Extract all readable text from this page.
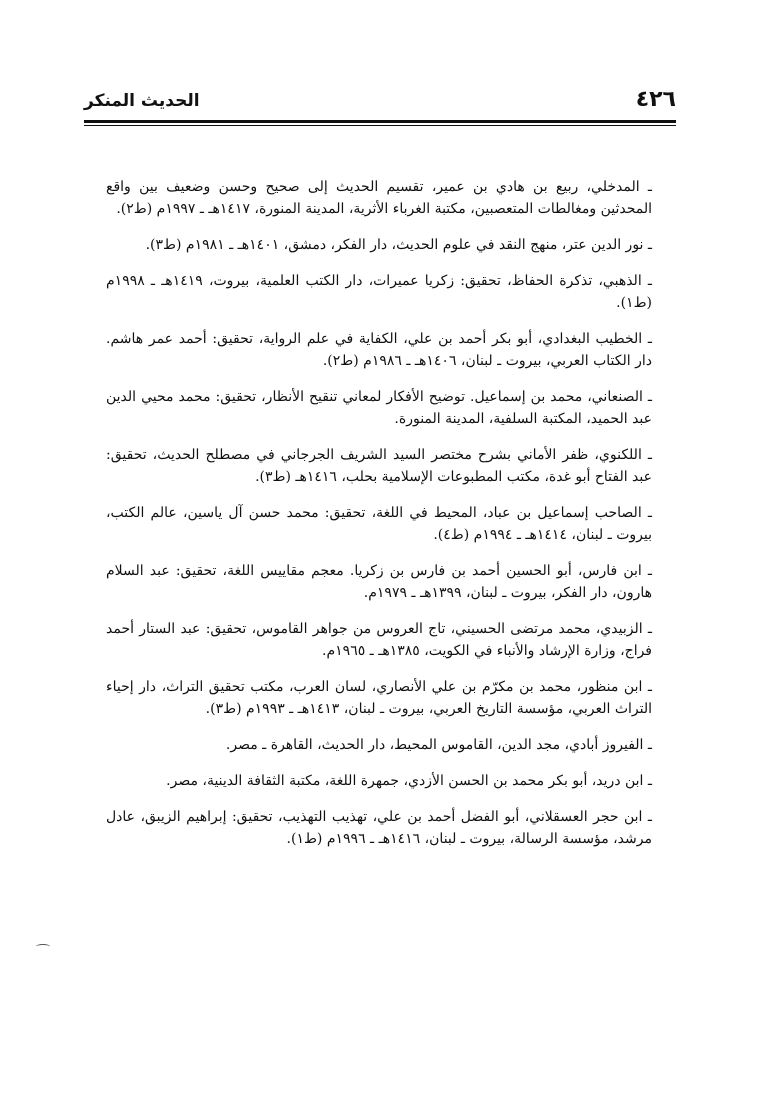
٤٢٦
الحديث المنكر
ـ المدخلي، ربيع بن هادي بن عمير، تقسيم الحديث إلى صحيح وحسن وضعيف بين واقع المحدثين ومغالطات المتعصبين، مكتبة الغرباء الأثرية، المدينة المنورة، ١٤١٧هـ ـ ١٩٩٧م (ط٢).
ـ نور الدين عتر، منهج النقد في علوم الحديث، دار الفكر، دمشق، ١٤٠١هـ ـ ١٩٨١م (ط٣).
ـ الذهبي، تذكرة الحفاظ، تحقيق: زكريا عميرات، دار الكتب العلمية، بيروت، ١٤١٩هـ ـ ١٩٩٨م (ط١).
ـ الخطيب البغدادي، أبو بكر أحمد بن علي، الكفاية في علم الرواية، تحقيق: أحمد عمر هاشم. دار الكتاب العربي، بيروت ـ لبنان، ١٤٠٦هـ ـ ١٩٨٦م (ط٢).
ـ الصنعاني، محمد بن إسماعيل. توضيح الأفكار لمعاني تنقيح الأنظار، تحقيق: محمد محيي الدين عبد الحميد، المكتبة السلفية، المدينة المنورة.
ـ اللكنوي، ظفر الأماني بشرح مختصر السيد الشريف الجرجاني في مصطلح الحديث، تحقيق: عبد الفتاح أبو غدة، مكتب المطبوعات الإسلامية بحلب، ١٤١٦هـ (ط٣).
ـ الصاحب إسماعيل بن عباد، المحيط في اللغة، تحقيق: محمد حسن آل ياسين، عالم الكتب، بيروت ـ لبنان، ١٤١٤هـ ـ ١٩٩٤م (ط٤).
ـ ابن فارس، أبو الحسين أحمد بن فارس بن زكريا. معجم مقاييس اللغة، تحقيق: عبد السلام هارون، دار الفكر، بيروت ـ لبنان، ١٣٩٩هـ ـ ١٩٧٩م.
ـ الزبيدي، محمد مرتضى الحسيني، تاج العروس من جواهر القاموس، تحقيق: عبد الستار أحمد فراج، وزارة الإرشاد والأنباء في الكويت، ١٣٨٥هـ ـ ١٩٦٥م.
ـ ابن منظور، محمد بن مكرّم بن علي الأنصاري، لسان العرب، مكتب تحقيق التراث، دار إحياء التراث العربي، مؤسسة التاريخ العربي، بيروت ـ لبنان، ١٤١٣هـ ـ ١٩٩٣م (ط٣).
ـ الفيروز أبادي، مجد الدين، القاموس المحيط، دار الحديث، القاهرة ـ مصر.
ـ ابن دريد، أبو بكر محمد بن الحسن الأزدي، جمهرة اللغة، مكتبة الثقافة الدينية، مصر.
ـ ابن حجر العسقلاني، أبو الفضل أحمد بن علي، تهذيب التهذيب، تحقيق: إبراهيم الزيبق، عادل مرشد، مؤسسة الرسالة، بيروت ـ لبنان، ١٤١٦هـ ـ ١٩٩٦م (ط١).
